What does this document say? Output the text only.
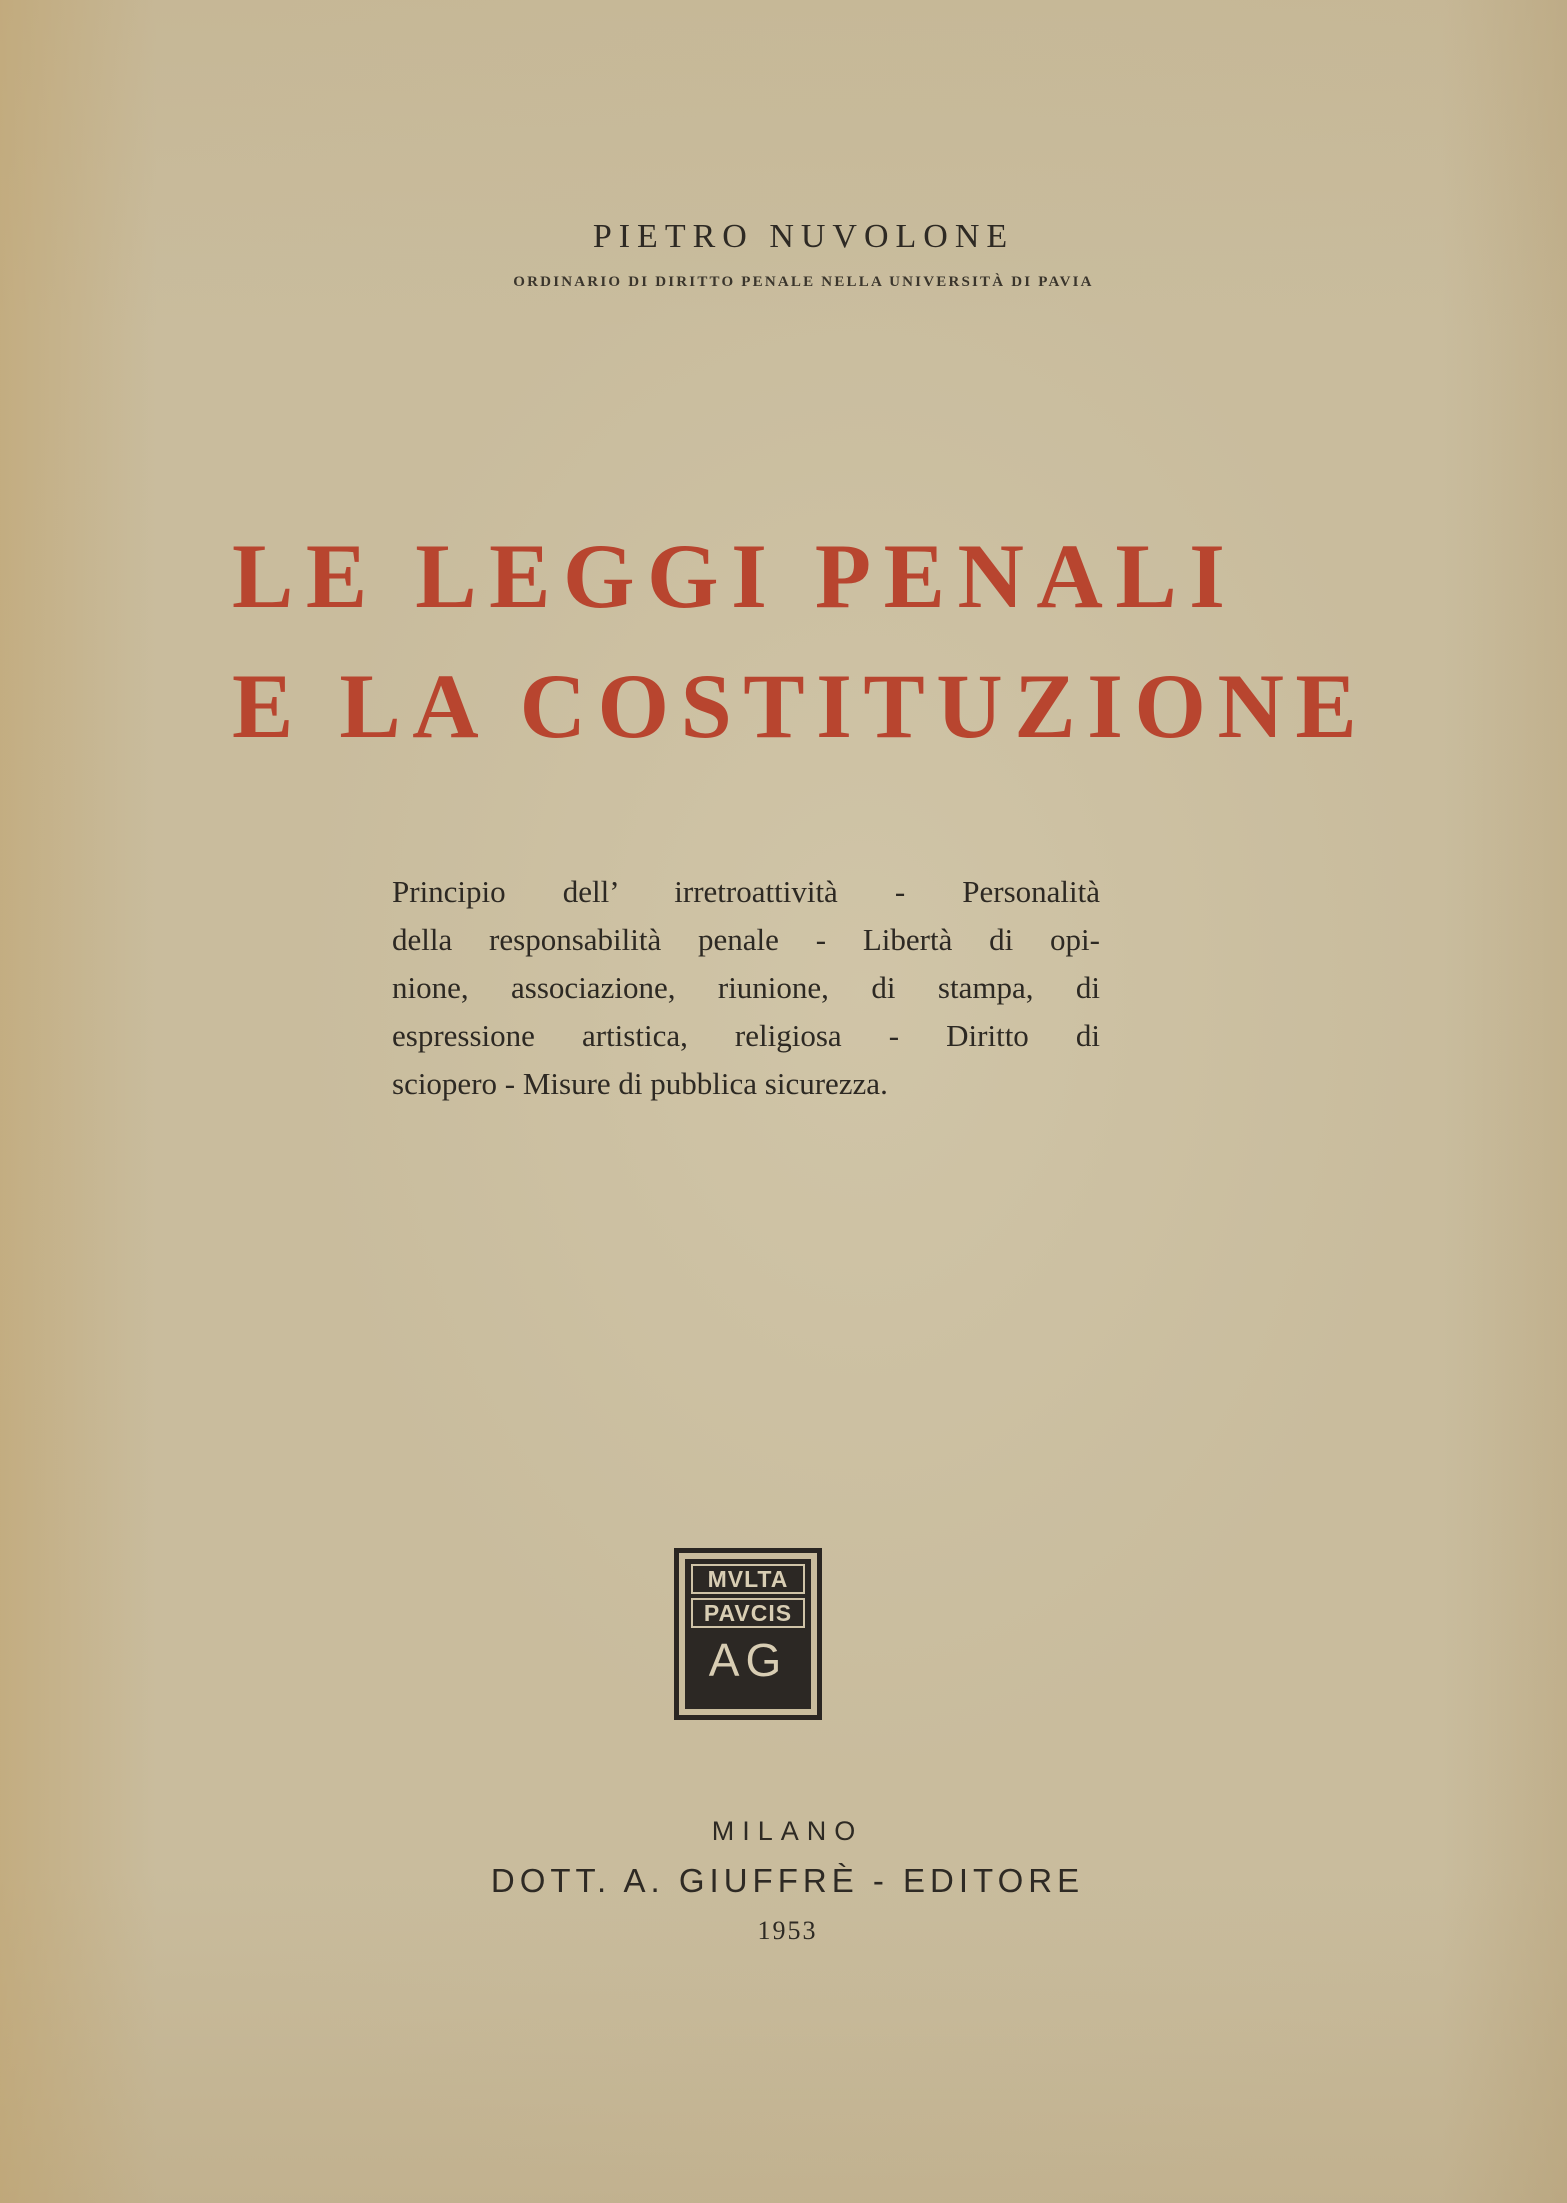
PIETRO NUVOLONE
ORDINARIO DI DIRITTO PENALE NELLA UNIVERSITÀ DI PAVIA
LE LEGGI PENALI
E LA COSTITUZIONE
Principio dell’ irretroattività - Personalità
della responsabilità penale - Libertà di opi-
nione, associazione, riunione, di stampa, di
espressione artistica, religiosa - Diritto di
sciopero - Misure di pubblica sicurezza.
MVLTA
PAVCIS
AG
MILANO
DOTT. A. GIUFFRÈ - EDITORE
1953
